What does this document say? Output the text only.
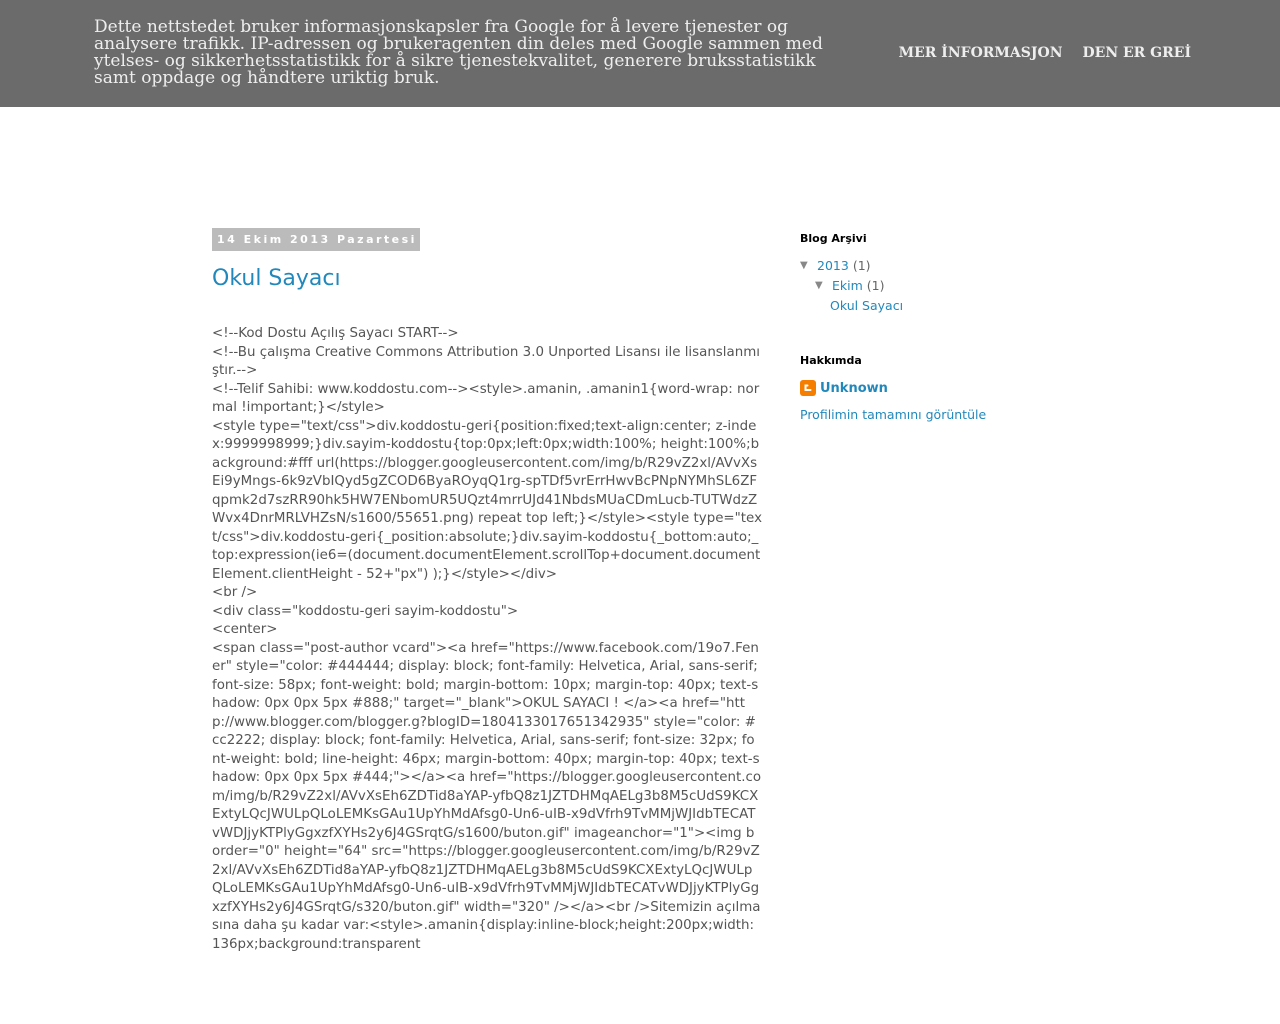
Dette nettstedet bruker informasjonskapsler fra Google for å levere tjenester og analysere trafikk. IP-adressen og brukeragenten din deles med Google sammen med ytelses- og sikkerhetsstatistikk for å sikre tjenestekvalitet, generere bruksstatistikk samt oppdage og håndtere uriktig bruk.

MER İNFORMASJON DEN ER GREİ
14 Ekim 2013 Pazartesi
Okul Sayacı

<!--Kod Dostu Açılış Sayacı START-->

<!--Bu çalışma Creative Commons Attribution 3.0 Unported Lisansı ile lisanslanmıştır.-->

<!--Telif Sahibi: www.koddostu.com--><style>.amanin, .amanin1{word-wrap: normal !important;}</style>

<style type="text/css">div.koddostu-geri{position:fixed;text-align:center; z-index:9999998999;}div.sayim-koddostu{top:0px;left:0px;width:100%; height:100%;background:#fff url(https://blogger.googleusercontent.com/img/b/R29vZ2xl/AVvXsEi9yMngs-6k9zVbIQyd5gZCOD6ByaROyqQ1rg-spTDf5vrErrHwvBcPNpNYMhSL6ZFqpmk2d7szRR90hk5HW7ENbomUR5UQzt4mrrUJd41NbdsMUaCDmLucb-TUTWdzZWvx4DnrMRLVHZsN/s1600/55651.png) repeat top left;}</style><style type="text/css">div.koddostu-geri{_position:absolute;}div.sayim-koddostu{_bottom:auto;_top:expression(ie6=(document.documentElement.scrollTop+document.documentElement.clientHeight - 52+"px") );}</style></div>

<br />

<div class="koddostu-geri sayim-koddostu">

<center>

<span class="post-author vcard"><a href="https://www.facebook.com/19o7.Fener" style="color: #444444; display: block; font-family: Helvetica, Arial, sans-serif; font-size: 58px; font-weight: bold; margin-bottom: 10px; margin-top: 40px; text-shadow: 0px 0px 5px #888;" target="_blank">OKUL SAYACI ! </a><a href="http://www.blogger.com/blogger.g?blogID=1804133017651342935" style="color: #cc2222; display: block; font-family: Helvetica, Arial, sans-serif; font-size: 32px; font-weight: bold; line-height: 46px; margin-bottom: 40px; margin-top: 40px; text-shadow: 0px 0px 5px #444;"></a><a href="https://blogger.googleusercontent.com/img/b/R29vZ2xl/AVvXsEh6ZDTid8aYAP-yfbQ8z1JZTDHMqAELg3b8M5cUdS9KCXExtyLQcJWULpQLoLEMKsGAu1UpYhMdAfsg0-Un6-uIB-x9dVfrh9TvMMjWJIdbTECATvWDJjyKTPlyGgxzfXYHs2y6J4GSrqtG/s1600/buton.gif" imageanchor="1"><img border="0" height="64" src="https://blogger.googleusercontent.com/img/b/R29vZ2xl/AVvXsEh6ZDTid8aYAP-yfbQ8z1JZTDHMqAELg3b8M5cUdS9KCXExtyLQcJWULpQLoLEMKsGAu1UpYhMdAfsg0-Un6-uIB-x9dVfrh9TvMMjWJIdbTECATvWDJjyKTPlyGgxzfXYHs2y6J4GSrqtG/s320/buton.gif" width="320" /></a><br />Sitemizin açılmasına daha şu kadar var:<style>.amanin{display:inline-block;height:200px;width:136px;background:transparent

Blog Arşivi
▼ 2013 (1)
▼ Ekim (1)
Okul Sayacı
Hakkımda
Unknown
Profilimin tamamını görüntüle
